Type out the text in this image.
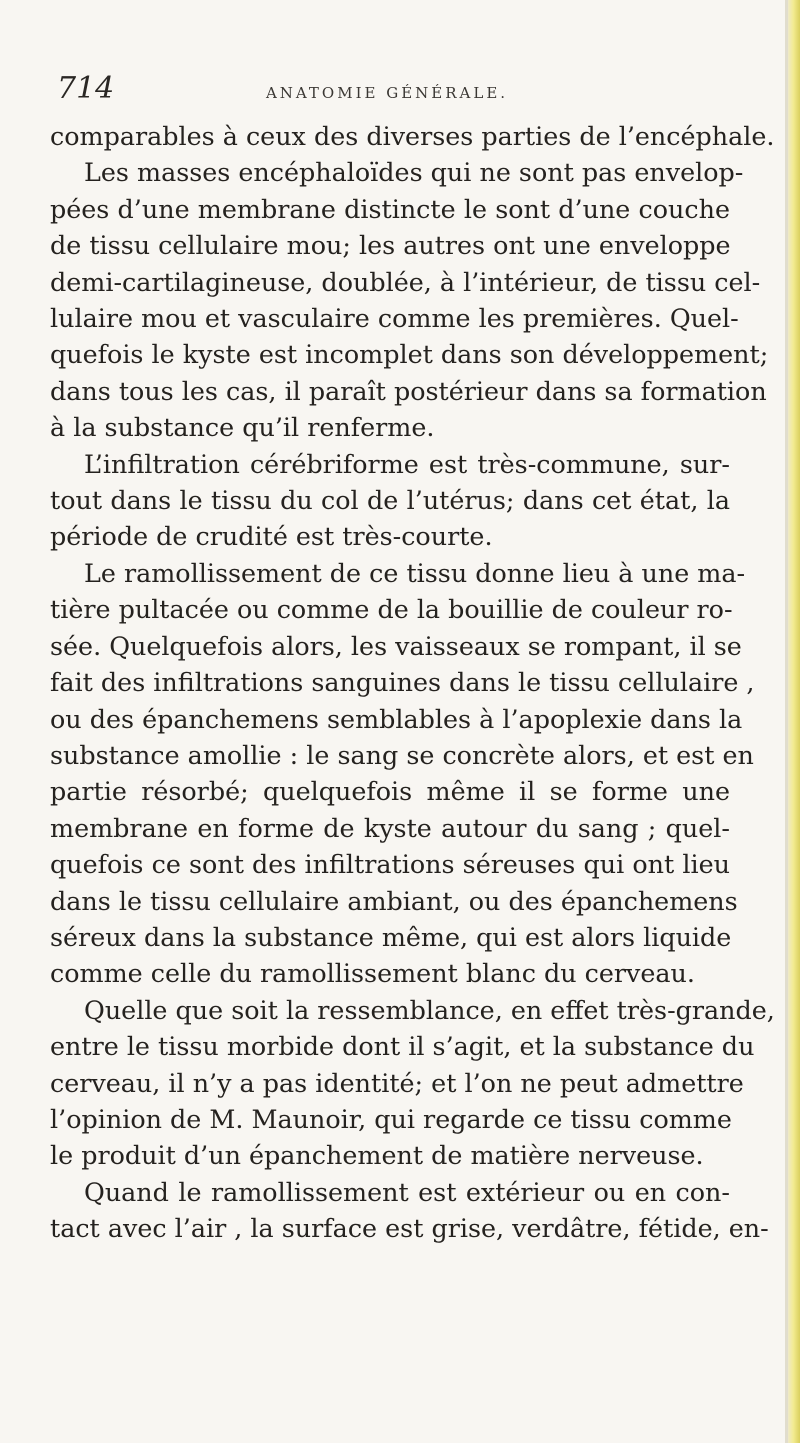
714	ANATOMIE GÉNÉRALE.
comparables à ceux des diverses parties de l’encéphale.
Les masses encéphaloïdes qui ne sont pas envelop-
pées d’une membrane distincte le sont d’une couche
de tissu cellulaire mou; les autres ont une enveloppe
demi-cartilagineuse, doublée, à l’intérieur, de tissu cel-
lulaire mou et vasculaire comme les premières. Quel-
quefois le kyste est incomplet dans son développement;
dans tous les cas, il paraît postérieur dans sa formation
à la substance qu’il renferme.
L’infiltration cérébriforme est très-commune, sur-
tout dans le tissu du col de l’utérus; dans cet état, la
période de crudité est très-courte.
Le ramollissement de ce tissu donne lieu à une ma-
tière pultacée ou comme de la bouillie de couleur ro-
sée. Quelquefois alors, les vaisseaux se rompant, il se
fait des infiltrations sanguines dans le tissu cellulaire ,
ou des épanchemens semblables à l’apoplexie dans la
substance amollie : le sang se concrète alors, et est en
partie résorbé; quelquefois même il se forme une
membrane en forme de kyste autour du sang ; quel-
quefois ce sont des infiltrations séreuses qui ont lieu
dans le tissu cellulaire ambiant, ou des épanchemens
séreux dans la substance même, qui est alors liquide
comme celle du ramollissement blanc du cerveau.
Quelle que soit la ressemblance, en effet très-grande,
entre le tissu morbide dont il s’agit, et la substance du
cerveau, il n’y a pas identité; et l’on ne peut admettre
l’opinion de M. Maunoir, qui regarde ce tissu comme
le produit d’un épanchement de matière nerveuse.
Quand le ramollissement est extérieur ou en con-
tact avec l’air , la surface est grise, verdâtre, fétide, en-
